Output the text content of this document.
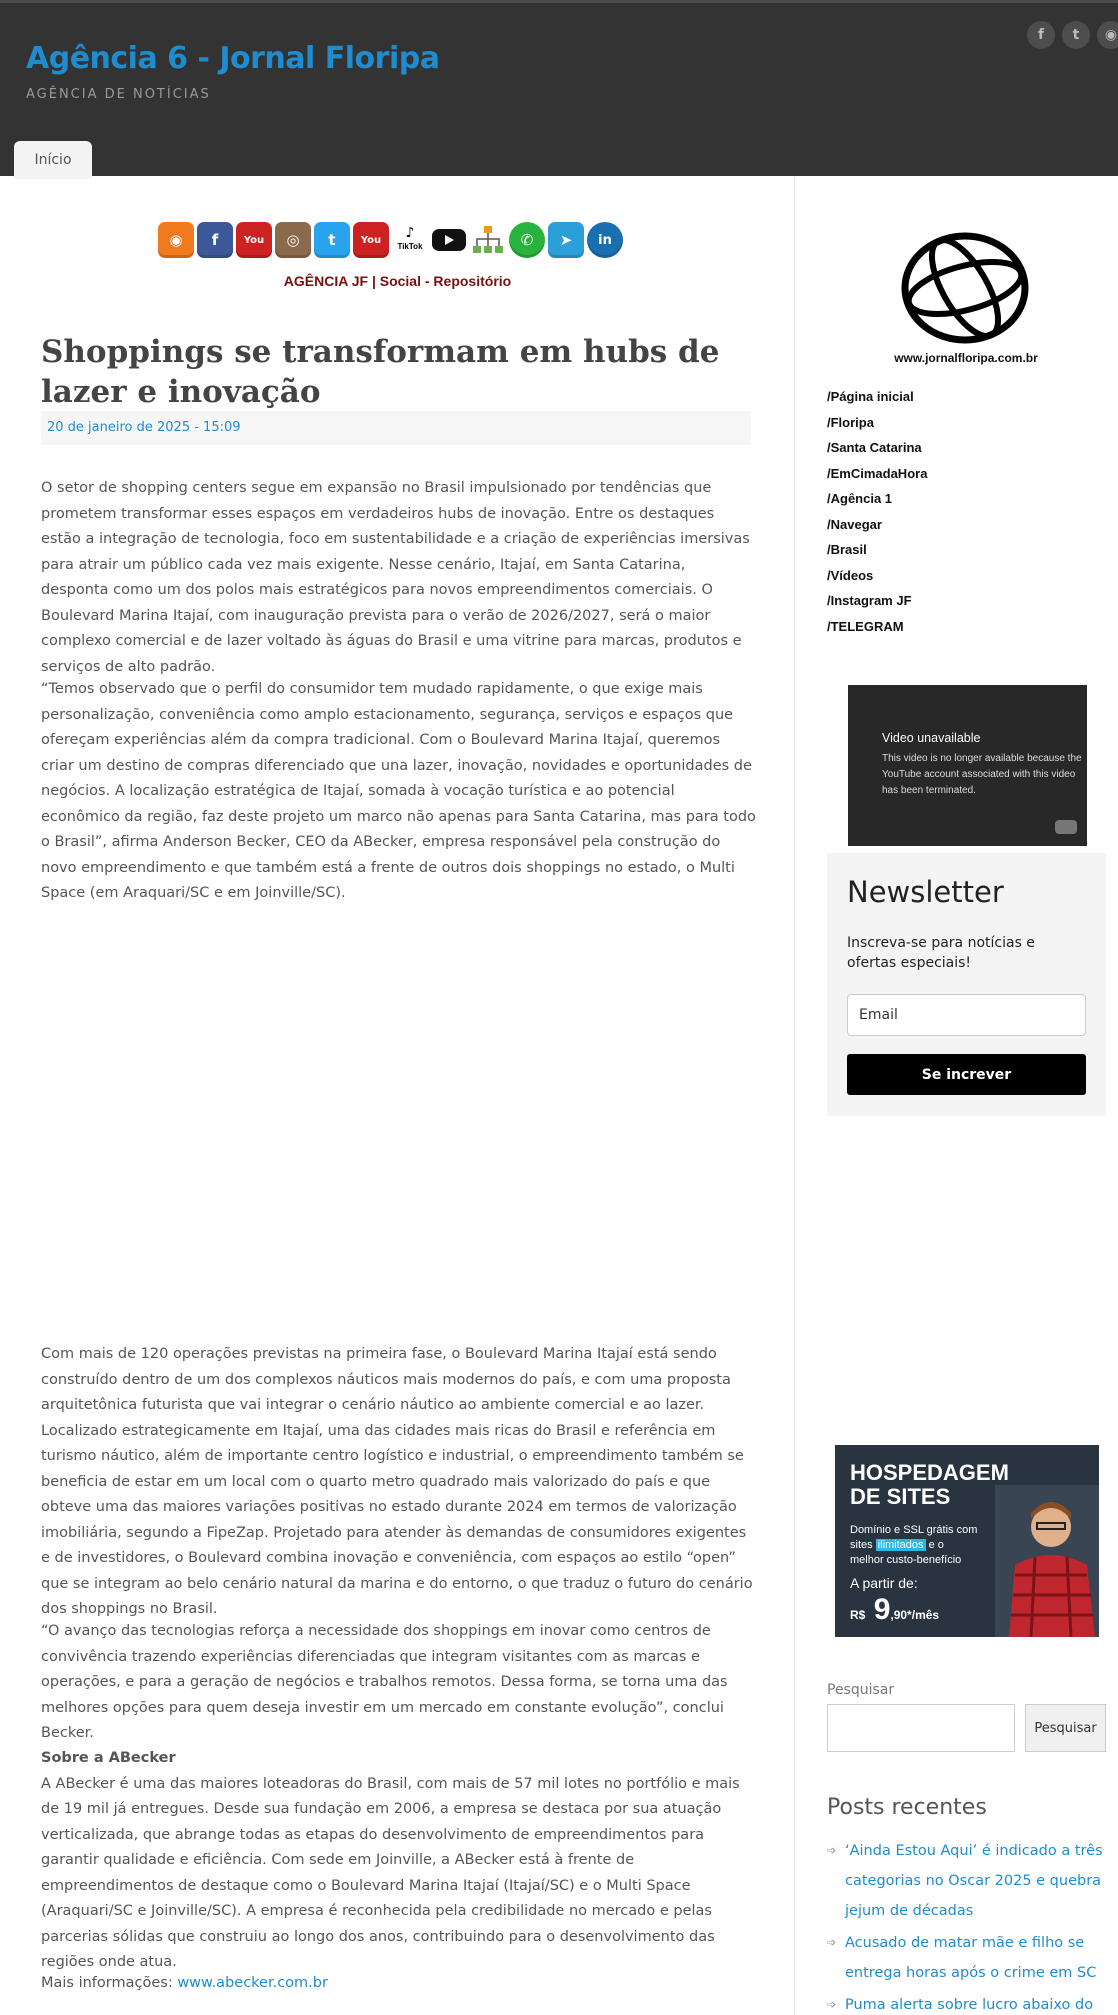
Agência 6 - Jornal Floripa
AGÊNCIA DE NOTÍCIAS
f	t	◉
Início
◉	f	You	◎	t	You	♪
TikTok	✆	➤	in
AGÊNCIA JF | Social - Repositório
Shoppings se transformam em hubs de lazer e inovação
20 de janeiro de 2025 - 15:09

O setor de shopping centers segue em expansão no Brasil impulsionado por tendências que prometem transformar esses espaços em verdadeiros hubs de inovação. Entre os destaques estão a integração de tecnologia, foco em sustentabilidade e a criação de experiências imersivas para atrair um público cada vez mais exigente. Nesse cenário, Itajaí, em Santa Catarina, desponta como um dos polos mais estratégicos para novos empreendimentos comerciais. O Boulevard Marina Itajaí, com inauguração prevista para o verão de 2026/2027, será o maior complexo comercial e de lazer voltado às águas do Brasil e uma vitrine para marcas, produtos e serviços de alto padrão.

“Temos observado que o perfil do consumidor tem mudado rapidamente, o que exige mais personalização, conveniência como amplo estacionamento, segurança, serviços e espaços que ofereçam experiências além da compra tradicional. Com o Boulevard Marina Itajaí, queremos criar um destino de compras diferenciado que una lazer, inovação, novidades e oportunidades de negócios. A localização estratégica de Itajaí, somada à vocação turística e ao potencial econômico da região, faz deste projeto um marco não apenas para Santa Catarina, mas para todo o Brasil”, afirma Anderson Becker, CEO da ABecker, empresa responsável pela construção do novo empreendimento e que também está a frente de outros dois shoppings no estado, o Multi Space (em Araquari/SC e em Joinville/SC).

Com mais de 120 operações previstas na primeira fase, o Boulevard Marina Itajaí está sendo construído dentro de um dos complexos náuticos mais modernos do país, e com uma proposta arquitetônica futurista que vai integrar o cenário náutico ao ambiente comercial e ao lazer. Localizado estrategicamente em Itajaí, uma das cidades mais ricas do Brasil e referência em turismo náutico, além de importante centro logístico e industrial, o empreendimento também se beneficia de estar em um local com o quarto metro quadrado mais valorizado do país e que obteve uma das maiores variações positivas no estado durante 2024 em termos de valorização imobiliária, segundo a FipeZap. Projetado para atender às demandas de consumidores exigentes e de investidores, o Boulevard combina inovação e conveniência, com espaços ao estilo “open” que se integram ao belo cenário natural da marina e do entorno, o que traduz o futuro do cenário dos shoppings no Brasil.

“O avanço das tecnologias reforça a necessidade dos shoppings em inovar como centros de convivência trazendo experiências diferenciadas que integram visitantes com as marcas e operações, e para a geração de negócios e trabalhos remotos. Dessa forma, se torna uma das melhores opções para quem deseja investir em um mercado em constante evolução”, conclui Becker.

Sobre a ABecker
A ABecker é uma das maiores loteadoras do Brasil, com mais de 57 mil lotes no portfólio e mais de 19 mil já entregues. Desde sua fundação em 2006, a empresa se destaca por sua atuação verticalizada, que abrange todas as etapas do desenvolvimento de empreendimentos para garantir qualidade e eficiência. Com sede em Joinville, a ABecker está à frente de empreendimentos de destaque como o Boulevard Marina Itajaí (Itajaí/SC) e o Multi Space (Araquari/SC e Joinville/SC). A empresa é reconhecida pela credibilidade no mercado e pelas parcerias sólidas que construiu ao longo dos anos, contribuindo para o desenvolvimento das regiões onde atua.

Mais informações: www.abecker.com.br

www.jornalfloripa.com.br
/Página inicial
/Floripa
/Santa Catarina
/EmCimadaHora
/Agência 1
/Navegar
/Brasil
/Vídeos
/Instagram JF
/TELEGRAM
Video unavailable
This video is no longer available because the YouTube account associated with this video has been terminated.
Newsletter
Inscreva-se para notícias e ofertas especiais!
Email
Se increver
HOSPEDAGEM
DE SITES
Domínio e SSL grátis com sites ilimitados e o melhor custo-benefício
A partir de:
R$ 9,90*/mês
Pesquisar
Pesquisar
Posts recentes
➩ ‘Ainda Estou Aqui’ é indicado a três categorias no Oscar 2025 e quebra jejum de décadas
➩ Acusado de matar mãe e filho se entrega horas após o crime em SC
➩ Puma alerta sobre lucro abaixo do
